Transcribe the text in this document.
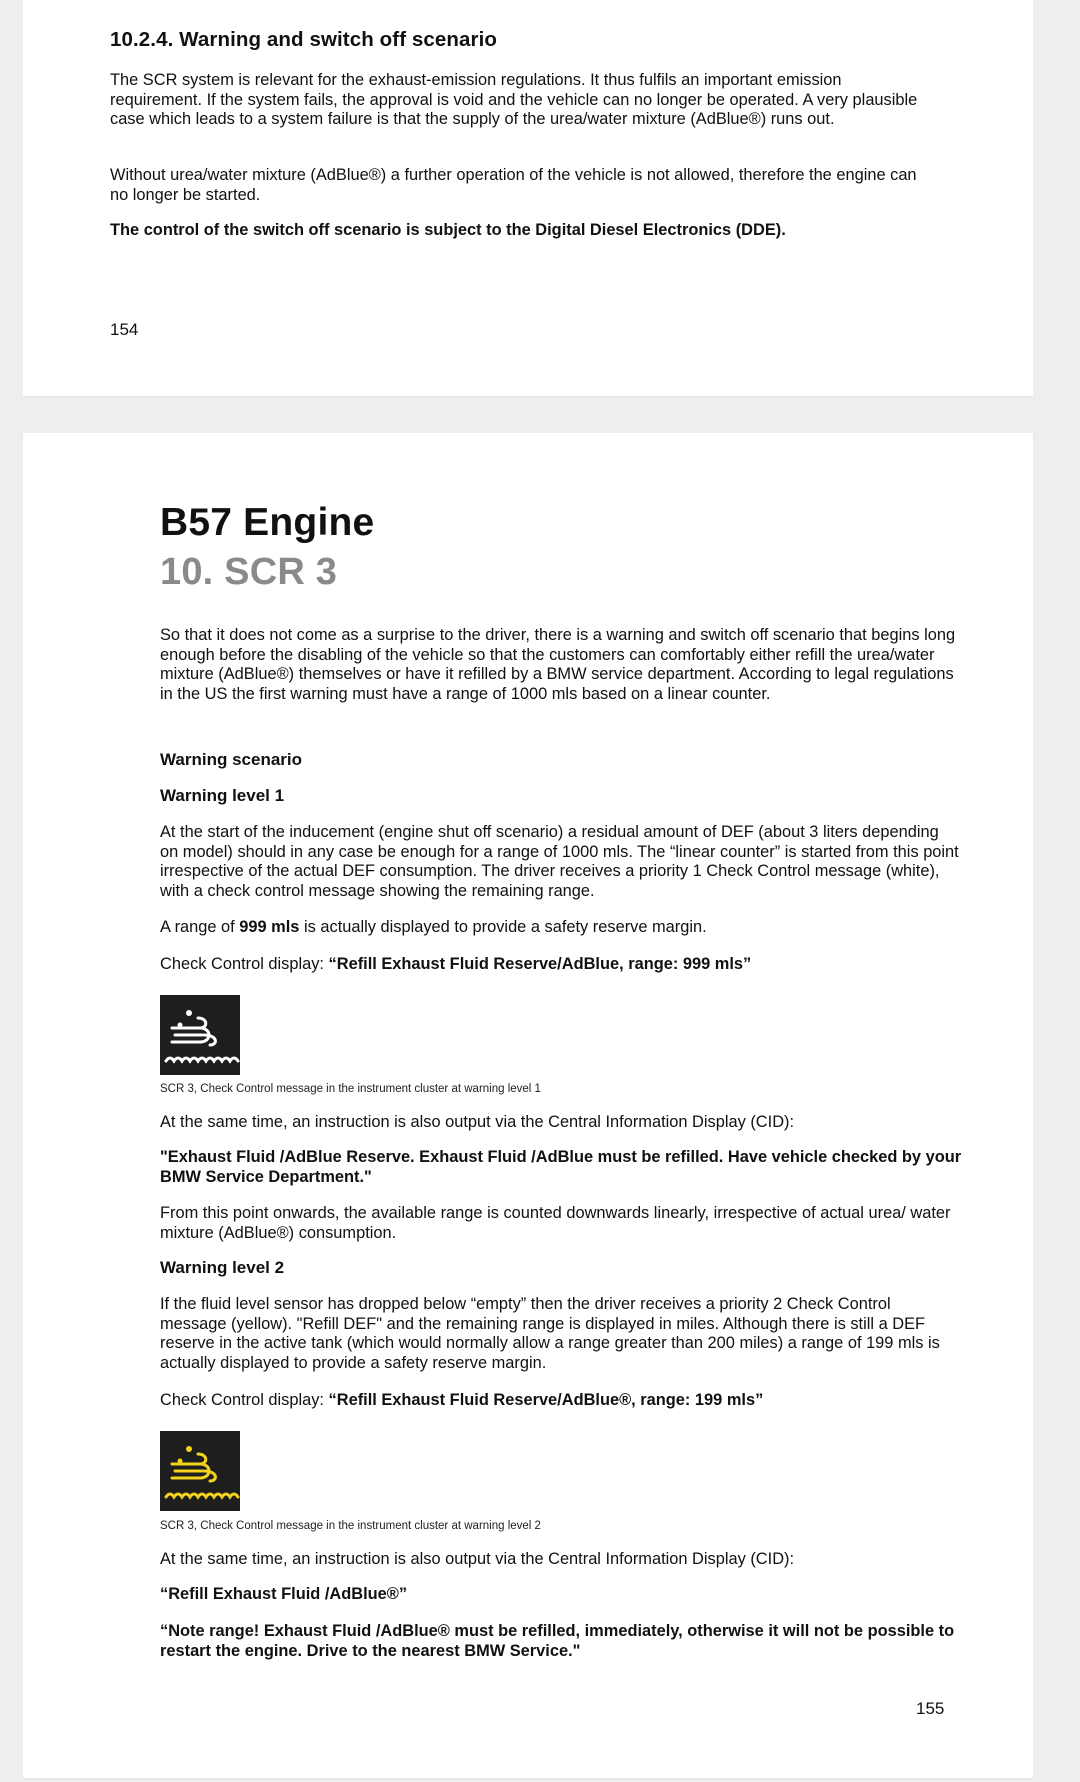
10.2.4. Warning and switch off scenario

The SCR system is relevant for the exhaust-emission regulations. It thus fulfils an important emission requirement. If the system fails, the approval is void and the vehicle can no longer be operated. A very plausible case which leads to a system failure is that the supply of the urea/water mixture (AdBlue®) runs out.

Without urea/water mixture (AdBlue®) a further operation of the vehicle is not allowed, therefore the engine can no longer be started.

The control of the switch off scenario is subject to the Digital Diesel Electronics (DDE).

154

B57 Engine

10. SCR 3

So that it does not come as a surprise to the driver, there is a warning and switch off scenario that begins long enough before the disabling of the vehicle so that the customers can comfortably either refill the urea/water mixture (AdBlue®) themselves or have it refilled by a BMW service department. According to legal regulations in the US the first warning must have a range of 1000 mls based on a linear counter.

Warning scenario

Warning level 1

At the start of the inducement (engine shut off scenario) a residual amount of DEF (about 3 liters depending on model) should in any case be enough for a range of 1000 mls. The “linear counter” is started from this point irrespective of the actual DEF consumption. The driver receives a priority 1 Check Control message (white), with a check control message showing the remaining range.

A range of 999 mls is actually displayed to provide a safety reserve margin.

Check Control display: “Refill Exhaust Fluid Reserve/AdBlue, range: 999 mls”

SCR 3, Check Control message in the instrument cluster at warning level 1

At the same time, an instruction is also output via the Central Information Display (CID):

"Exhaust Fluid /AdBlue Reserve. Exhaust Fluid /AdBlue must be refilled. Have vehicle checked by your BMW Service Department."

From this point onwards, the available range is counted downwards linearly, irrespective of actual urea/ water mixture (AdBlue®) consumption.

Warning level 2

If the fluid level sensor has dropped below “empty” then the driver receives a priority 2 Check Control message (yellow). "Refill DEF" and the remaining range is displayed in miles. Although there is still a DEF reserve in the active tank (which would normally allow a range greater than 200 miles) a range of 199 mls is actually displayed to provide a safety reserve margin.

Check Control display: “Refill Exhaust Fluid Reserve/AdBlue®, range: 199 mls”

SCR 3, Check Control message in the instrument cluster at warning level 2

At the same time, an instruction is also output via the Central Information Display (CID):

“Refill Exhaust Fluid /AdBlue®”

“Note range! Exhaust Fluid /AdBlue® must be refilled, immediately, otherwise it will not be possible to restart the engine. Drive to the nearest BMW Service."

155
